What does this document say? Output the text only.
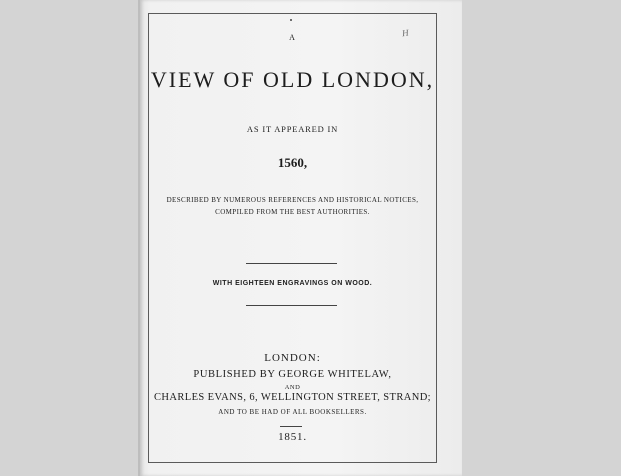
H
A
VIEW OF OLD LONDON,
AS IT APPEARED IN
1560,
DESCRIBED BY NUMEROUS REFERENCES AND HISTORICAL NOTICES,
COMPILED FROM THE BEST AUTHORITIES.
WITH EIGHTEEN ENGRAVINGS ON WOOD.
LONDON:
PUBLISHED BY GEORGE WHITELAW,
AND
CHARLES EVANS, 6, WELLINGTON STREET, STRAND;
AND TO BE HAD OF ALL BOOKSELLERS.
1851.
